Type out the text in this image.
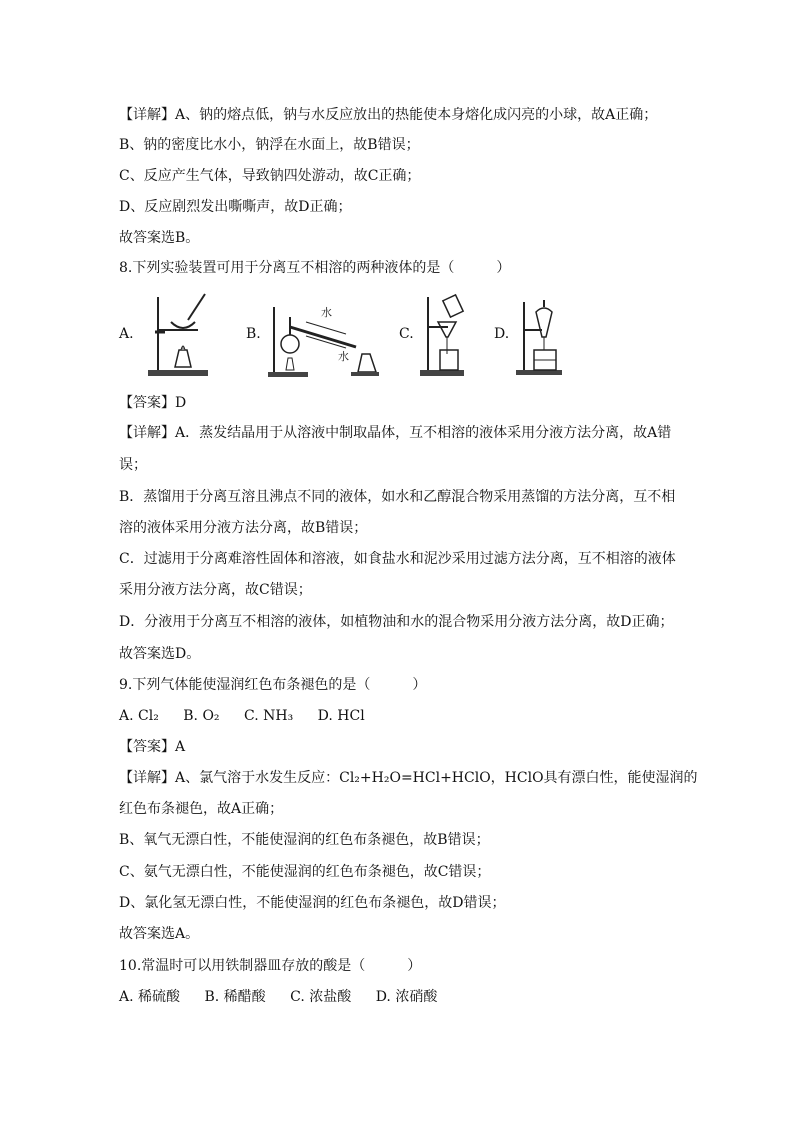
【详解】A、钠的熔点低，钠与水反应放出的热能使本身熔化成闪亮的小球，故A正确；
B、钠的密度比水小，钠浮在水面上，故B错误；
C、反应产生气体，导致钠四处游动，故C正确；
D、反应剧烈发出嘶嘶声，故D正确；
故答案选B。
8.下列实验装置可用于分离互不相溶的两种液体的是（　　　）
A.	B.
水
水
C.	D.
【答案】D
【详解】A．蒸发结晶用于从溶液中制取晶体，互不相溶的液体采用分液方法分离，故A错
误；
B．蒸馏用于分离互溶且沸点不同的液体，如水和乙醇混合物采用蒸馏的方法分离，互不相
溶的液体采用分液方法分离，故B错误；
C．过滤用于分离难溶性固体和溶液，如食盐水和泥沙采用过滤方法分离，互不相溶的液体
采用分液方法分离，故C错误；
D．分液用于分离互不相溶的液体，如植物油和水的混合物采用分液方法分离，故D正确；
故答案选D。
9.下列气体能使湿润红色布条褪色的是（　　　）
A. Cl₂ B. O₂ C. NH₃ D. HCl
【答案】A
【详解】A、氯气溶于水发生反应：Cl₂+H₂O=HCl+HClO，HClO具有漂白性，能使湿润的
红色布条褪色，故A正确；
B、氧气无漂白性，不能使湿润的红色布条褪色，故B错误；
C、氨气无漂白性，不能使湿润的红色布条褪色，故C错误；
D、氯化氢无漂白性，不能使湿润的红色布条褪色，故D错误；
故答案选A。
10.常温时可以用铁制器皿存放的酸是（　　　）
A. 稀硫酸 B. 稀醋酸 C. 浓盐酸 D. 浓硝酸
